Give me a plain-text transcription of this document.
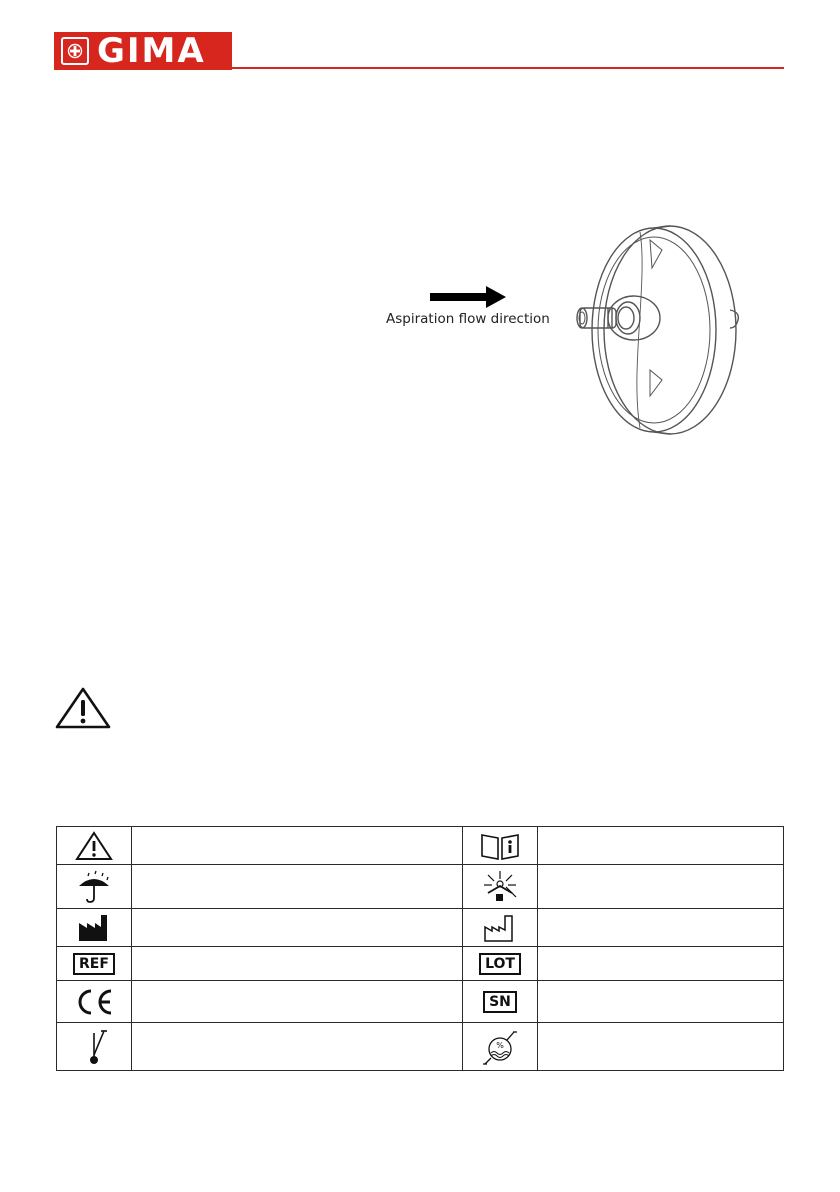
GIMA
Aspiration flow direction

REF		LOT	

		SN	

%	
